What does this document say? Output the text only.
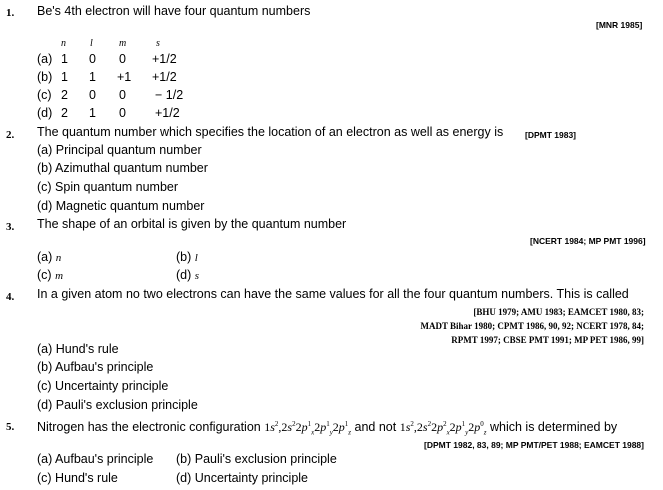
1. Be's 4th electron will have four quantum numbers
[MNR 1985]
n l	m	s
(a) 1 0 0 +1/2
(b) 1 1 +1 +1/2
(c) 2 0 0 − 1/2
(d) 2 1 0 +1/2
2. The quantum number which specifies the location of an electron as well as energy is	[DPMT 1983]
(a) Principal quantum number
(b) Azimuthal quantum number
(c) Spin quantum number
(d) Magnetic quantum number
3. The shape of an orbital is given by the quantum number
[NCERT 1984; MP PMT 1996]
(a) n	(b) l
(c) m	(d) s
4. In a given atom no two electrons can have the same values for all the four quantum numbers. This is called
[BHU 1979; AMU 1983; EAMCET 1980, 83;
MADT Bihar 1980; CPMT 1986, 90, 92; NCERT 1978, 84;
RPMT 1997; CBSE PMT 1991; MP PET 1986, 99]
(a) Hund's rule
(b) Aufbau's principle
(c) Uncertainty principle
(d) Pauli's exclusion principle
5. Nitrogen has the electronic configuration $1s^2,2s^22p^1_x2p^1_y2p^1_z$ and not $1s^2,2s^22p^2_x2p^1_y2p^0_z$ which is determined by
[DPMT 1982, 83, 89; MP PMT/PET 1988; EAMCET 1988]
(a) Aufbau's principle (b) Pauli's exclusion principle
(c) Hund's rule	(d) Uncertainty principle
